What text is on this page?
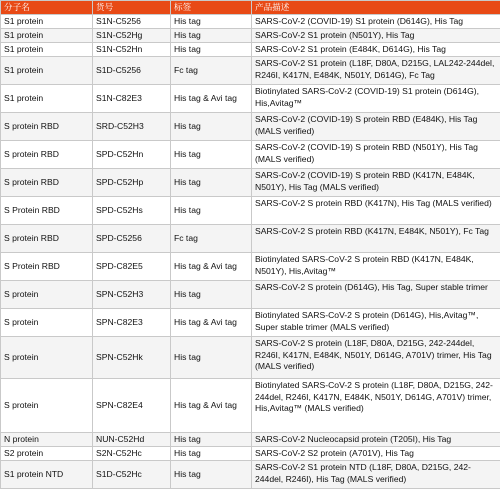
分子名	货号	标签	产品描述
S1 protein	S1N-C5256	His tag	SARS-CoV-2 (COVID-19) S1 protein (D614G), His Tag
S1 protein	S1N-C52Hg	His tag	SARS-CoV-2 S1 protein (N501Y), His Tag
S1 protein	S1N-C52Hn	His tag	SARS-CoV-2 S1 protein (E484K, D614G), His Tag
S1 protein	S1D-C5256	Fc tag	SARS-CoV-2 S1 protein (L18F, D80A, D215G, LAL242-244del, R246I, K417N, E484K, N501Y, D614G), Fc Tag
S1 protein	S1N-C82E3	His tag & Avi tag	Biotinylated SARS-CoV-2 (COVID-19) S1 protein (D614G), His,Avitag™
S protein RBD	SRD-C52H3	His tag	SARS-CoV-2 (COVID-19) S protein RBD (E484K), His Tag (MALS verified)
S protein RBD	SPD-C52Hn	His tag	SARS-CoV-2 (COVID-19) S protein RBD (N501Y), His Tag (MALS verified)
S protein RBD	SPD-C52Hp	His tag	SARS-CoV-2 (COVID-19) S protein RBD (K417N, E484K, N501Y), His Tag (MALS verified)
S Protein RBD	SPD-C52Hs	His tag	SARS-CoV-2 S protein RBD (K417N), His Tag (MALS verified)
S protein RBD	SPD-C5256	Fc tag	SARS-CoV-2 S protein RBD (K417N, E484K, N501Y), Fc Tag
S Protein RBD	SPD-C82E5	His tag & Avi tag	Biotinylated SARS-CoV-2 S protein RBD (K417N, E484K, N501Y), His,Avitag™
S protein	SPN-C52H3	His tag	SARS-CoV-2 S protein (D614G), His Tag, Super stable trimer
S protein	SPN-C82E3	His tag & Avi tag	Biotinylated SARS-CoV-2 S protein (D614G), His,Avitag™, Super stable trimer (MALS verified)
S protein	SPN-C52Hk	His tag	SARS-CoV-2 S protein (L18F, D80A, D215G, 242-244del, R246I, K417N, E484K, N501Y, D614G, A701V) trimer, His Tag (MALS verified)
S protein	SPN-C82E4	His tag & Avi tag	Biotinylated SARS-CoV-2 S protein (L18F, D80A, D215G, 242-244del, R246I, K417N, E484K, N501Y, D614G, A701V) trimer, His,Avitag™ (MALS verified)
N protein	NUN-C52Hd	His tag	SARS-CoV-2 Nucleocapsid protein (T205I), His Tag
S2 protein	S2N-C52Hc	His tag	SARS-CoV-2 S2 protein (A701V), His Tag
S1 protein NTD	S1D-C52Hc	His tag	SARS-CoV-2 S1 protein NTD (L18F, D80A, D215G, 242-244del, R246I), His Tag (MALS verified)
